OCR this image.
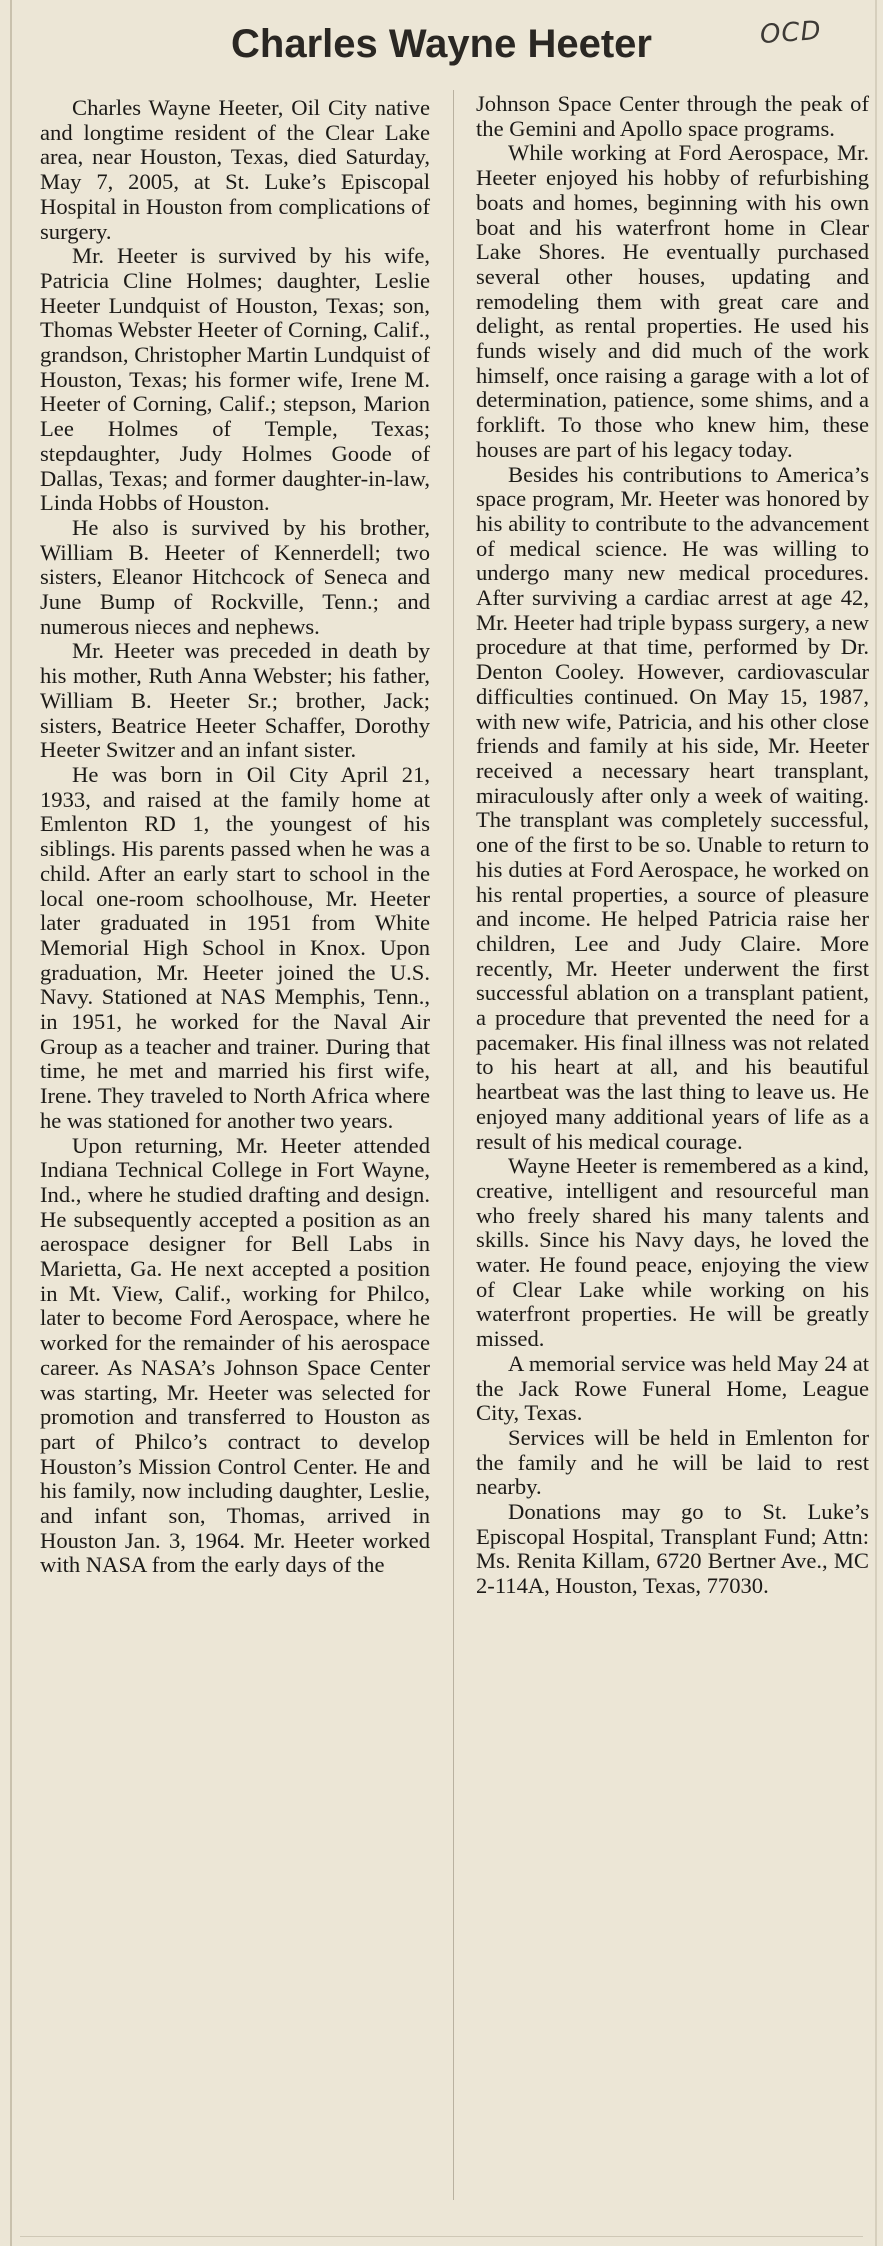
Charles Wayne Heeter	OCD

Charles Wayne Heeter, Oil City native and longtime resident of the Clear Lake area, near Houston, Texas, died Saturday, May 7, 2005, at St. Luke’s Episcopal Hospital in Houston from complications of surgery.

Mr. Heeter is survived by his wife, Patricia Cline Holmes; daughter, Leslie Heeter Lundquist of Houston, Texas; son, Thomas Webster Heeter of Corning, Calif., grandson, Christopher Martin Lundquist of Houston, Texas; his former wife, Irene M. Heeter of Corning, Calif.; stepson, Marion Lee Holmes of Temple, Texas; stepdaughter, Judy Holmes Goode of Dallas, Texas; and former daughter-in-law, Linda Hobbs of Houston.

He also is survived by his brother, William B. Heeter of Kennerdell; two sisters, Eleanor Hitchcock of Seneca and June Bump of Rockville, Tenn.; and numerous nieces and nephews.

Mr. Heeter was preceded in death by his mother, Ruth Anna Webster; his father, William B. Heeter Sr.; brother, Jack; sisters, Beatrice Heeter Schaffer, Dorothy Heeter Switzer and an infant sister.

He was born in Oil City April 21, 1933, and raised at the family home at Emlenton RD 1, the youngest of his siblings. His parents passed when he was a child. After an early start to school in the local one-room schoolhouse, Mr. Heeter later graduated in 1951 from White Memorial High School in Knox. Upon graduation, Mr. Heeter joined the U.S. Navy. Stationed at NAS Memphis, Tenn., in 1951, he worked for the Naval Air Group as a teacher and trainer. During that time, he met and married his first wife, Irene. They traveled to North Africa where he was stationed for another two years.

Upon returning, Mr. Heeter attended Indiana Technical College in Fort Wayne, Ind., where he studied drafting and design. He subsequently accepted a position as an aerospace designer for Bell Labs in Marietta, Ga. He next accepted a position in Mt. View, Calif., working for Philco, later to become Ford Aerospace, where he worked for the remainder of his aerospace career. As NASA’s Johnson Space Center was starting, Mr. Heeter was selected for promotion and transferred to Houston as part of Philco’s contract to develop Houston’s Mission Control Center. He and his family, now including daughter, Leslie, and infant son, Thomas, arrived in Houston Jan. 3, 1964. Mr. Heeter worked with NASA from the early days of the

Johnson Space Center through the peak of the Gemini and Apollo space programs.

While working at Ford Aerospace, Mr. Heeter enjoyed his hobby of refurbishing boats and homes, beginning with his own boat and his waterfront home in Clear Lake Shores. He eventually purchased several other houses, updating and remodeling them with great care and delight, as rental properties. He used his funds wisely and did much of the work himself, once raising a garage with a lot of determination, patience, some shims, and a forklift. To those who knew him, these houses are part of his legacy today.

Besides his contributions to America’s space program, Mr. Heeter was honored by his ability to contribute to the advancement of medical science. He was willing to undergo many new medical procedures. After surviving a cardiac arrest at age 42, Mr. Heeter had triple bypass surgery, a new procedure at that time, performed by Dr. Denton Cooley. However, cardiovascular difficulties continued. On May 15, 1987, with new wife, Patricia, and his other close friends and family at his side, Mr. Heeter received a necessary heart transplant, miraculously after only a week of waiting. The transplant was completely successful, one of the first to be so. Unable to return to his duties at Ford Aerospace, he worked on his rental properties, a source of pleasure and income. He helped Patricia raise her children, Lee and Judy Claire. More recently, Mr. Heeter underwent the first successful ablation on a transplant patient, a procedure that prevented the need for a pacemaker. His final illness was not related to his heart at all, and his beautiful heartbeat was the last thing to leave us. He enjoyed many additional years of life as a result of his medical courage.

Wayne Heeter is remembered as a kind, creative, intelligent and resourceful man who freely shared his many talents and skills. Since his Navy days, he loved the water. He found peace, enjoying the view of Clear Lake while working on his waterfront properties. He will be greatly missed.

A memorial service was held May 24 at the Jack Rowe Funeral Home, League City, Texas.

Services will be held in Emlenton for the family and he will be laid to rest nearby.

Donations may go to St. Luke’s Episcopal Hospital, Transplant Fund; Attn: Ms. Renita Killam, 6720 Bertner Ave., MC 2-114A, Houston, Texas, 77030.
